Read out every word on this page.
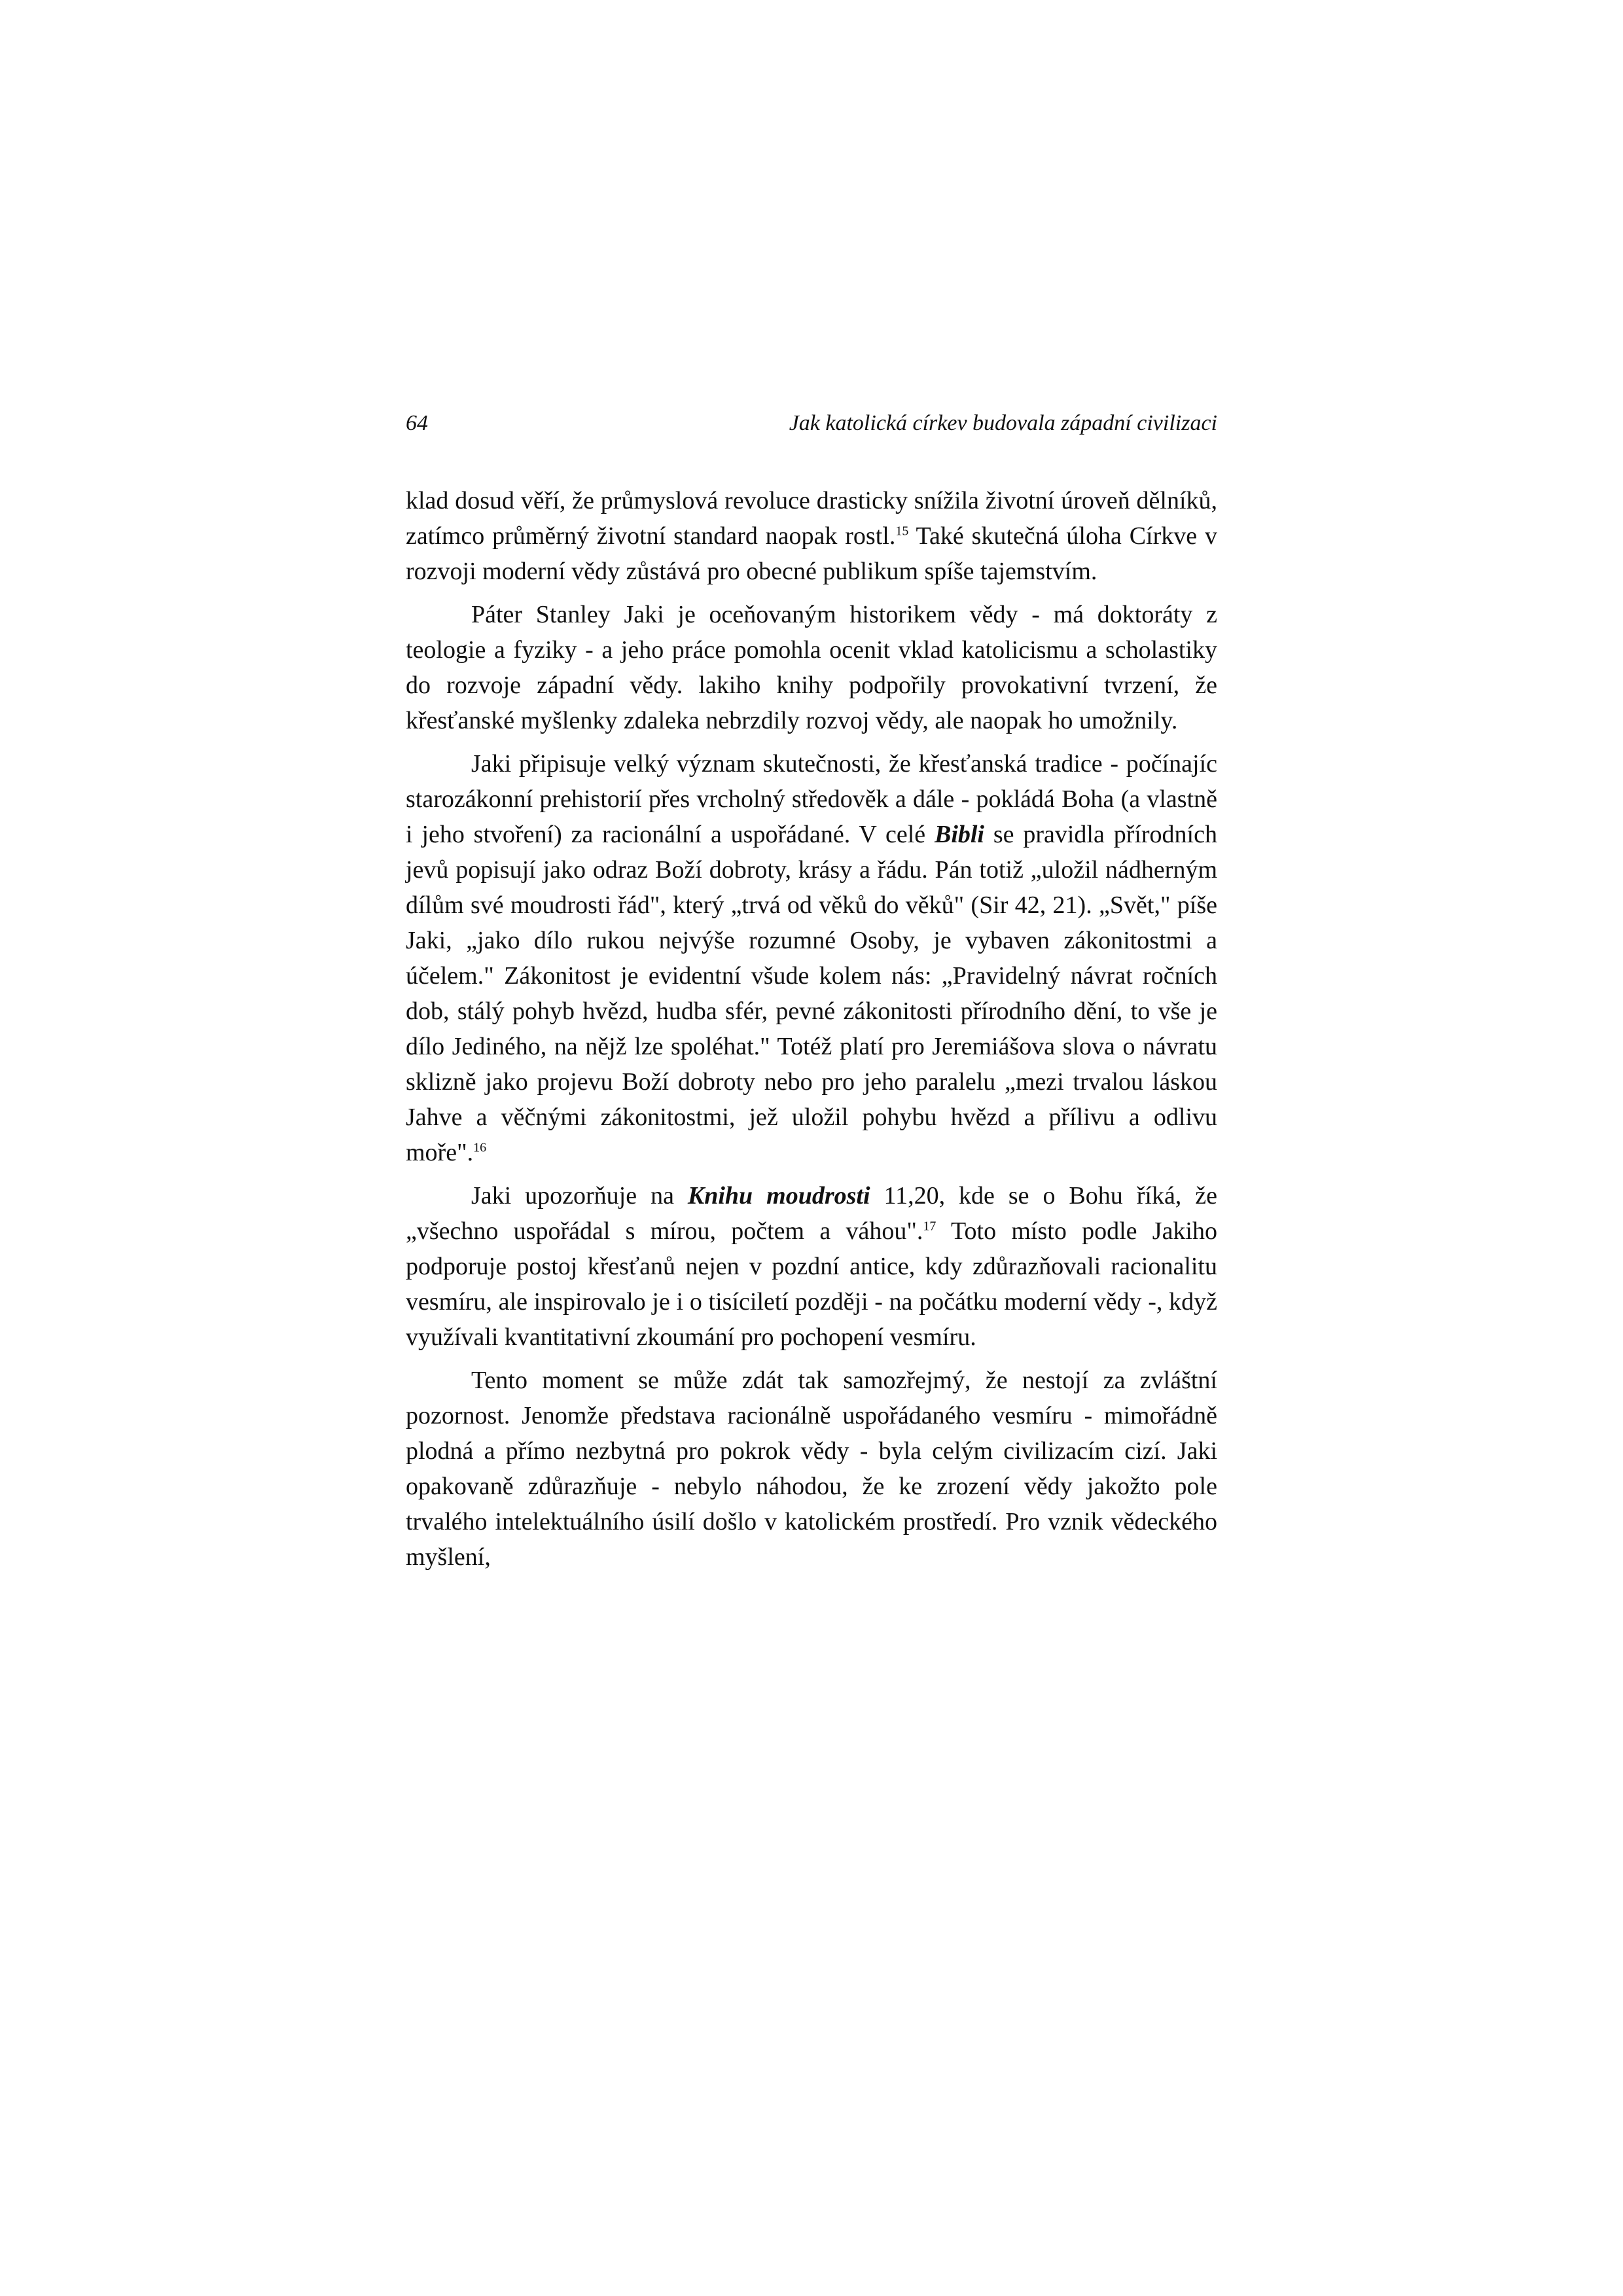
64	Jak katolická církev budovala západní civilizaci

klad dosud věří, že průmyslová revoluce drasticky snížila životní úroveň dělníků, zatímco průměrný životní standard naopak rostl.$^{15}$ Také skutečná úloha Církve v rozvoji moderní vědy zůstává pro obecné publikum spíše tajemstvím.

Páter Stanley Jaki je oceňovaným historikem vědy - má doktoráty z teologie a fyziky - a jeho práce pomohla ocenit vklad katolicismu a scholastiky do rozvoje západní vědy. lakiho knihy podpořily provokativní tvrzení, že křesťanské myšlenky zdaleka nebrzdily rozvoj vědy, ale naopak ho umožnily.

Jaki připisuje velký význam skutečnosti, že křesťanská tradice - počínajíc starozákonní prehistorií přes vrcholný středověk a dále - pokládá Boha (a vlastně i jeho stvoření) za racionální a uspořádané. V celé Bibli se pravidla přírodních jevů popisují jako odraz Boží dobroty, krásy a řádu. Pán totiž „uložil nádherným dílům své moudrosti řád", který „trvá od věků do věků" (Sir 42, 21). „Svět," píše Jaki, „jako dílo rukou nejvýše rozumné Osoby, je vybaven zákonitostmi a účelem." Zákonitost je evidentní všude kolem nás: „Pravidelný návrat ročních dob, stálý pohyb hvězd, hudba sfér, pevné zákonitosti přírodního dění, to vše je dílo Jediného, na nějž lze spoléhat." Totéž platí pro Jeremiášova slova o návratu sklizně jako projevu Boží dobroty nebo pro jeho paralelu „mezi trvalou láskou Jahve a věčnými zákonitostmi, jež uložil pohybu hvězd a přílivu a odlivu moře".$^{16}$

Jaki upozorňuje na Knihu moudrosti 11,20, kde se o Bohu říká, že „všechno uspořádal s mírou, počtem a váhou".$^{17}$ Toto místo podle Jakiho podporuje postoj křesťanů nejen v pozdní antice, kdy zdůrazňovali racionalitu vesmíru, ale inspirovalo je i o tisíciletí později - na počátku moderní vědy -, když využívali kvantitativní zkoumání pro pochopení vesmíru.

Tento moment se může zdát tak samozřejmý, že nestojí za zvláštní pozornost. Jenomže představa racionálně uspořádaného vesmíru - mimořádně plodná a přímo nezbytná pro pokrok vědy - byla celým civilizacím cizí. Jaki opakovaně zdůrazňuje - nebylo náhodou, že ke zrození vědy jakožto pole trvalého intelektuálního úsilí došlo v katolickém prostředí. Pro vznik vědeckého myšlení,
